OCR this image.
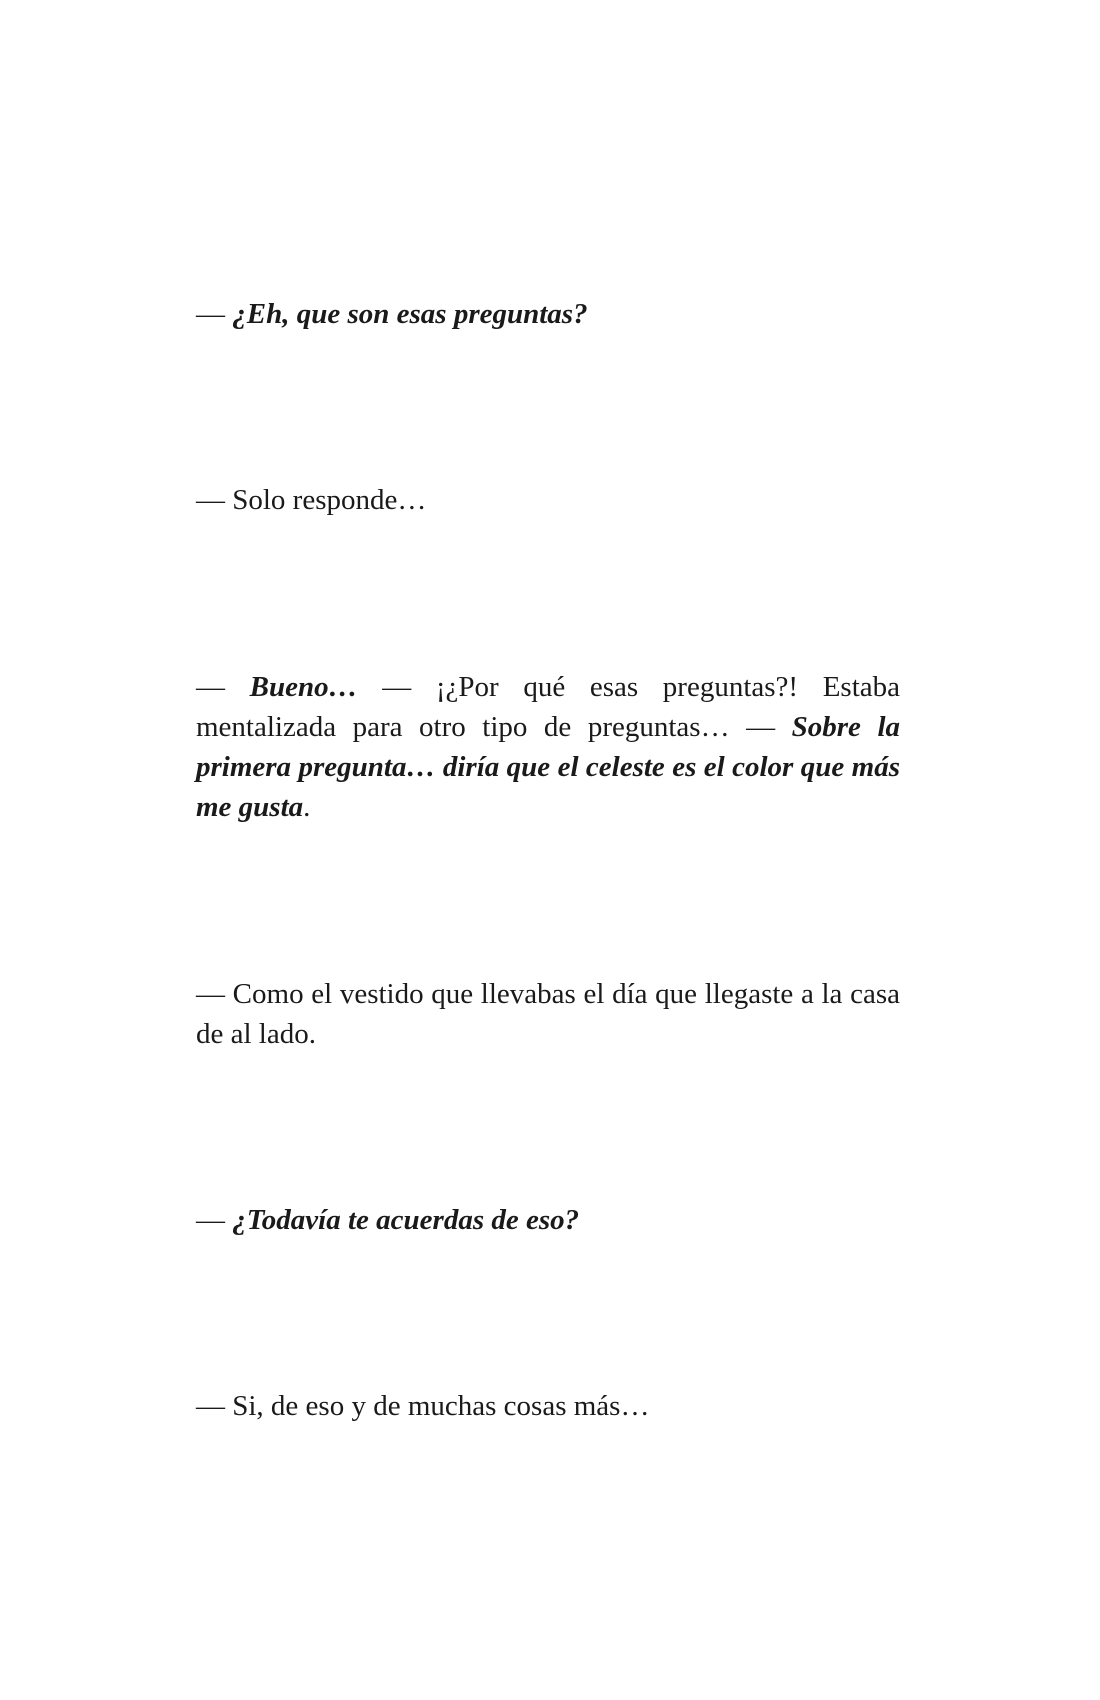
— ¿Eh, que son esas preguntas?

— Solo responde…

— Bueno… — ¡¿Por qué esas preguntas?! Estaba mentalizada para otro tipo de preguntas… — Sobre la primera pregunta… diría que el celeste es el color que más me gusta.

— Como el vestido que llevabas el día que llegaste a la casa de al lado.

— ¿Todavía te acuerdas de eso?

— Si, de eso y de muchas cosas más…
